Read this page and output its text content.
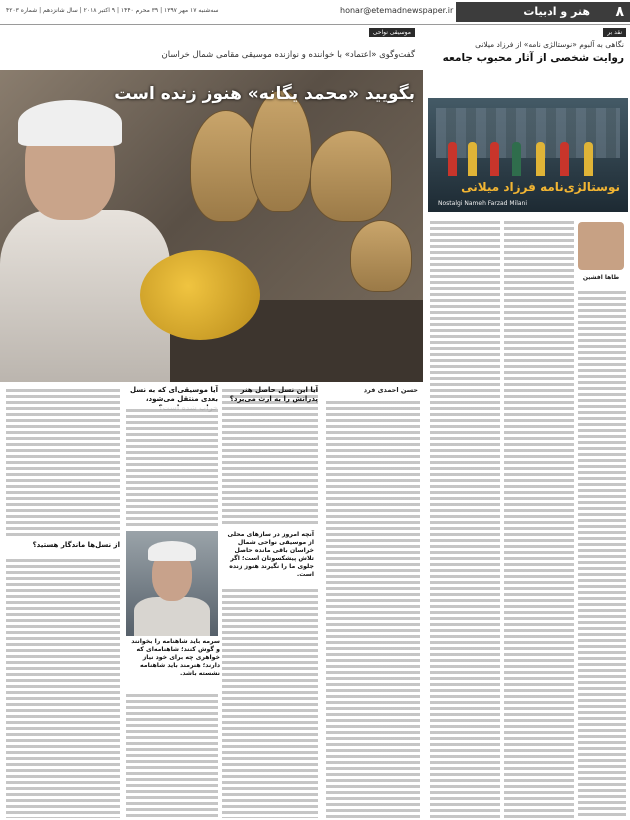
۸
هنر و ادبیات
honar@etemadnewspaper.ir
سه‌شنبه ۱۷ مهر ۱۳۹۷ | ۳۹ محرم ۱۴۴۰ | ۹ اکتبر ۲۰۱۸ | سال شانزدهم | شماره ۴۲۰۳
موسیقی نواحی
گفت‌وگوی «اعتماد» با خواننده و نوازنده موسیقی مقامی شمال خراسان
بگویید «محمد یگانه» هنوز زنده است
حسن احمدی فرد
آیا این نسل حاصل هنر پدرانش را به ارث می‌برد؟
آنچه امروز در سازهای محلی از موسیقی نواحی شمال خراسان باقی مانده حاصل تلاش پیشکسوتان است؛ اگر جلوی ما را نگیرند هنوز زنده است.
آیا موسیقی‌ای که به نسل بعدی منتقل می‌شود،
سرمه باید شاهنامه را بخوانند و گوش کنند؛ شاهنامه‌ای که خواهری چه برای خود نیاز دارند؛ هنرمند باید شاهنامه نشسته باشد.
از نسل‌ها ماندگار هستید؟
نقد بر
نگاهی به آلبوم «نوستالژی نامه» از فرزاد میلانی
روایت شخصی از آثار محبوب جامعه
نوستالژی‌نامه فرزاد میلانی
Nostalgi Nameh Farzad Milani
طاها افشین
